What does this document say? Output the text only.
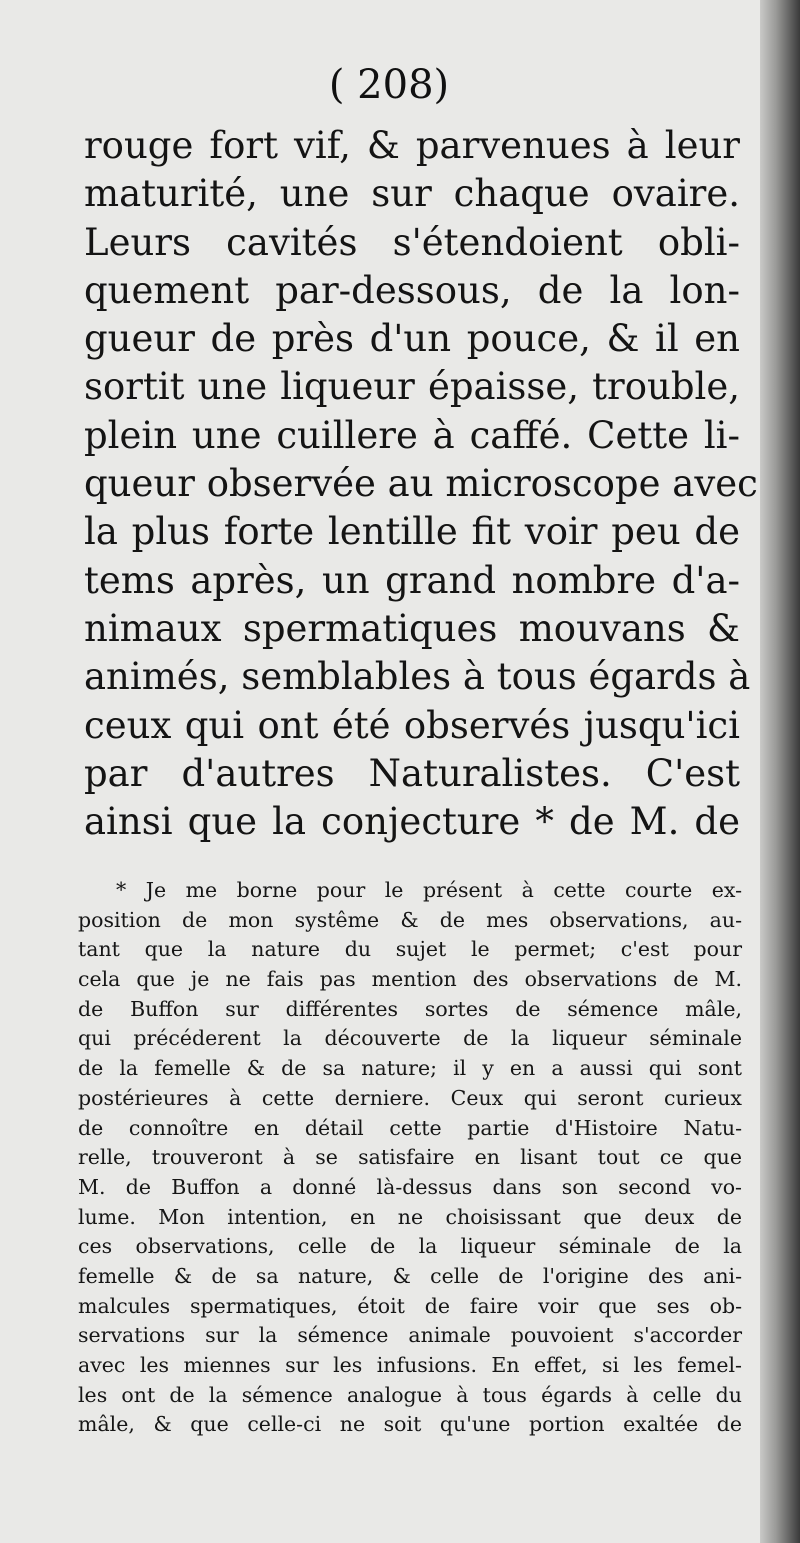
( 208)
rouge fort vif, & parvenues à leur
maturité, une sur chaque ovaire.
Leurs cavités s'étendoient obli-
quement par-dessous, de la lon-
gueur de près d'un pouce, & il en
sortit une liqueur épaisse, trouble,
plein une cuillere à caffé. Cette li-
queur observée au microscope avec
la plus forte lentille fit voir peu de
tems après, un grand nombre d'a-
nimaux spermatiques mouvans &
animés, semblables à tous égards à
ceux qui ont été observés jusqu'ici
par d'autres Naturalistes. C'est
ainsi que la conjecture * de M. de
* Je me borne pour le présent à cette courte ex-
position de mon systême & de mes observations, au-
tant que la nature du sujet le permet; c'est pour
cela que je ne fais pas mention des observations de M.
de Buffon sur différentes sortes de sémence mâle,
qui précéderent la découverte de la liqueur séminale
de la femelle & de sa nature; il y en a aussi qui sont
postérieures à cette derniere. Ceux qui seront curieux
de connoître en détail cette partie d'Histoire Natu-
relle, trouveront à se satisfaire en lisant tout ce que
M. de Buffon a donné là-dessus dans son second vo-
lume. Mon intention, en ne choisissant que deux de
ces observations, celle de la liqueur séminale de la
femelle & de sa nature, & celle de l'origine des ani-
malcules spermatiques, étoit de faire voir que ses ob-
servations sur la sémence animale pouvoient s'accorder
avec les miennes sur les infusions. En effet, si les femel-
les ont de la sémence analogue à tous égards à celle du
mâle, & que celle-ci ne soit qu'une portion exaltée de
